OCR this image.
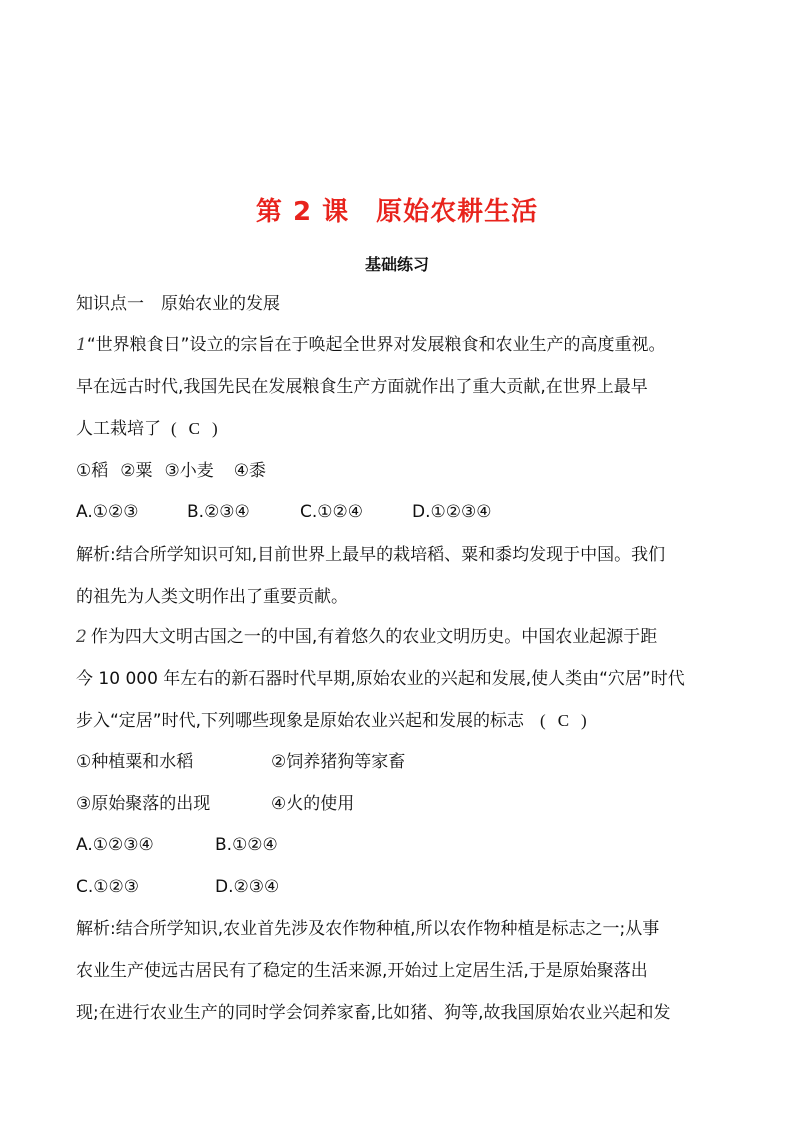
第 2 课　原始农耕生活
基础练习
知识点一　原始农业的发展
1“世界粮食日”设立的宗旨在于唤起全世界对发展粮食和农业生产的高度重视。
早在远古时代,我国先民在发展粮食生产方面就作出了重大贡献,在世界上最早
人工栽培了 ( C )
①稻 ②粟 ③小麦 ④黍
A.①②③	B.②③④	C.①②④	D.①②③④
解析:结合所学知识可知,目前世界上最早的栽培稻、粟和黍均发现于中国。我们
的祖先为人类文明作出了重要贡献。
2 作为四大文明古国之一的中国,有着悠久的农业文明历史。中国农业起源于距
今 10 000 年左右的新石器时代早期,原始农业的兴起和发展,使人类由“穴居”时代
步入“定居”时代,下列哪些现象是原始农业兴起和发展的标志 ( C )
①种植粟和水稻	②饲养猪狗等家畜
③原始聚落的出现	④火的使用
A.①②③④	B.①②④
C.①②③	D.②③④
解析:结合所学知识,农业首先涉及农作物种植,所以农作物种植是标志之一;从事
农业生产使远古居民有了稳定的生活来源,开始过上定居生活,于是原始聚落出
现;在进行农业生产的同时学会饲养家畜,比如猪、狗等,故我国原始农业兴起和发
